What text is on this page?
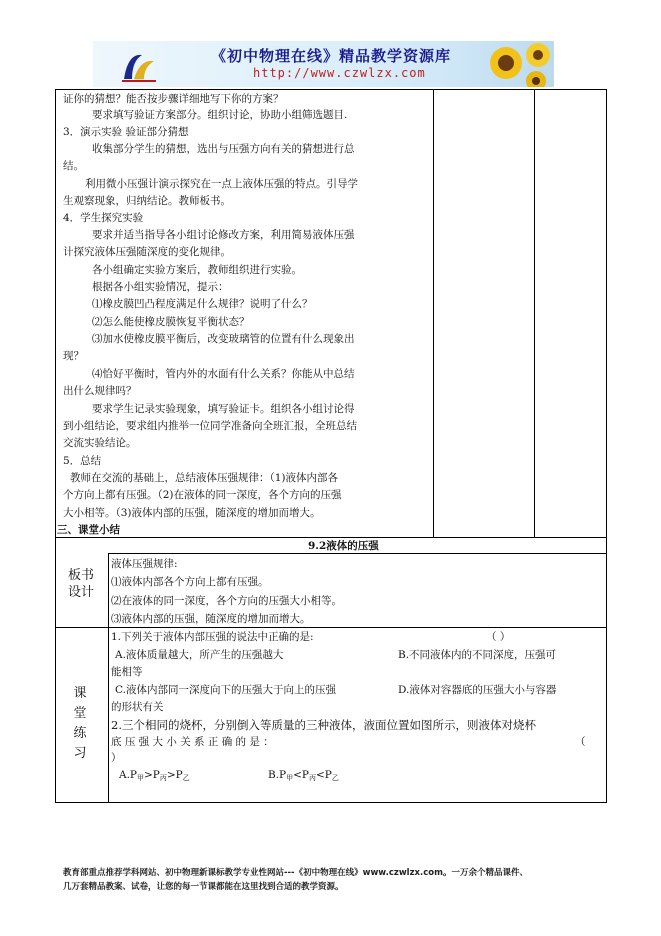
《初中物理在线》精品教学资源库
http://www.czwlzx.com
证你的猜想？能否按步骤详细地写下你的方案？
要求填写验证方案部分。组织讨论，协助小组筛选题目.
3．演示实验 验证部分猜想
收集部分学生的猜想，选出与压强方向有关的猜想进行总
结。
利用微小压强计演示探究在一点上液体压强的特点。引导学
生观察现象，归纳结论。教师板书。
4．学生探究实验
要求并适当指导各小组讨论修改方案，利用简易液体压强
计探究液体压强随深度的变化规律。
各小组确定实验方案后，教师组织进行实验。
根据各小组实验情况，提示：
⑴橡皮膜凹凸程度满足什么规律？说明了什么？
⑵怎么能使橡皮膜恢复平衡状态？
⑶加水使橡皮膜平衡后，改变玻璃管的位置有什么现象出
现？
⑷恰好平衡时，管内外的水面有什么关系？你能从中总结
出什么规律吗？
要求学生记录实验现象，填写验证卡。组织各小组讨论得
到小组结论，要求组内推举一位同学准备向全班汇报，全班总结
交流实验结论。
5．总结
教师在交流的基础上，总结液体压强规律：（1)液体内部各
个方向上都有压强。（2)在液体的同一深度，各个方向的压强
大小相等。（3)液体内部的压强，随深度的增加而增大。
三、课堂小结
9.2液体的压强
板书设计
液体压强规律:
⑴液体内部各个方向上都有压强。
⑵在液体的同一深度，各个方向的压强大小相等。
⑶液体内部的压强，随深度的增加而增大。
课堂练习
1.下列关于液体内部压强的说法中正确的是:	（ ）
A.液体质量越大，所产生的压强越大	B.不同液体内的不同深度，压强可
能相等
C.液体内部同一深度向下的压强大于向上的压强	D.液体对容器底的压强大小与容器
的形状有关
2.三个相同的烧杯，分别倒入等质量的三种液体，液面位置如图所示，则液体对烧杯
底 压 强 大 小 关 系 正 确 的 是 ：	（
）
$A.P_甲>P_丙>P_乙$	$B.P_甲<P_丙<P_乙$
教育部重点推荐学科网站、初中物理新课标教学专业性网站---《初中物理在线》www.czwlzx.com。一万余个精品课件、
几万套精品教案、试卷，让您的每一节课都能在这里找到合适的教学资源。
